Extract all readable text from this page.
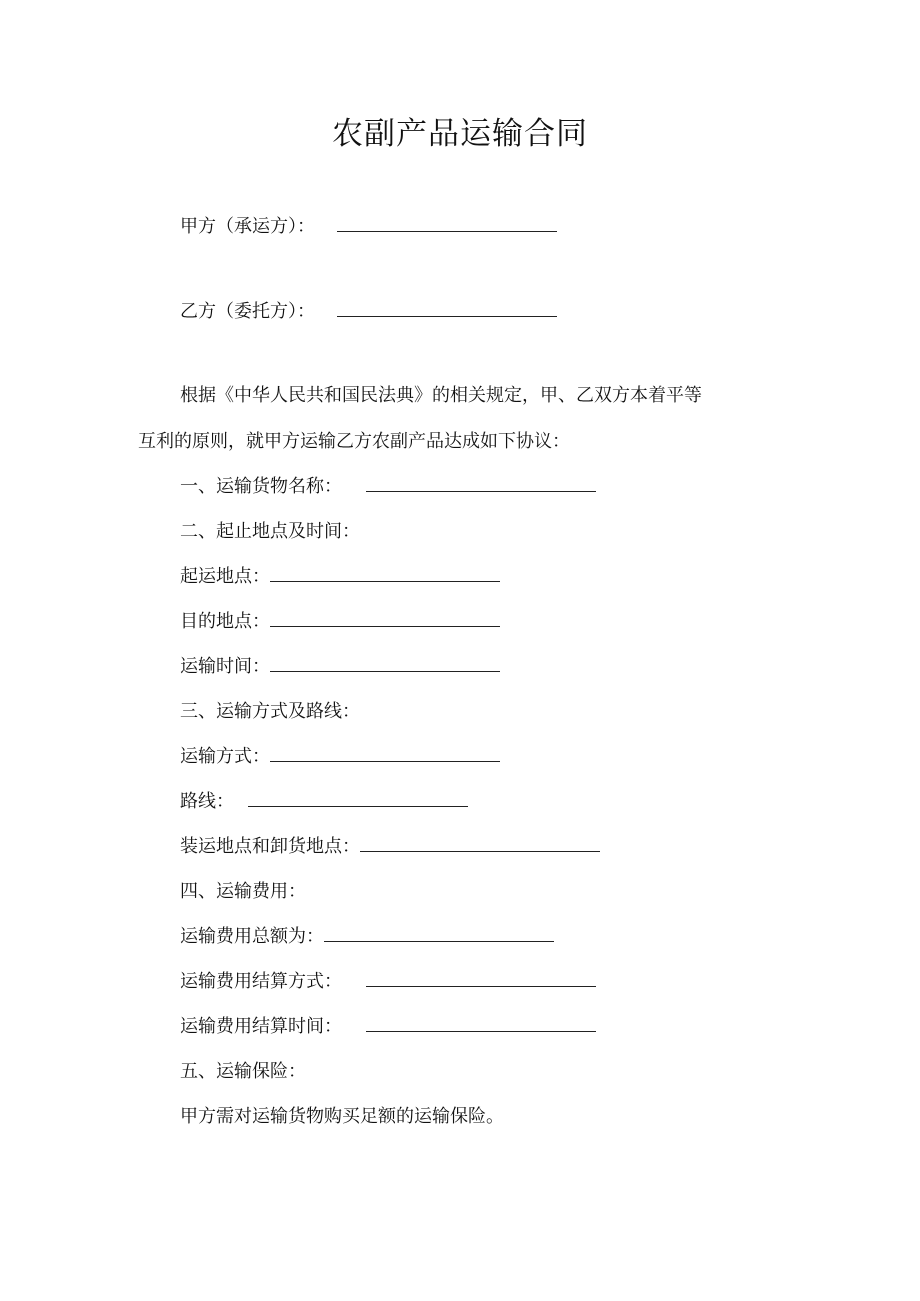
农副产品运输合同
甲方（承运方）：
乙方（委托方）：
根据《中华人民共和国民法典》的相关规定，甲、乙双方本着平等
互利的原则，就甲方运输乙方农副产品达成如下协议：
一、运输货物名称：
二、起止地点及时间：
起运地点：
目的地点：
运输时间：
三、运输方式及路线：
运输方式：
路线：
装运地点和卸货地点：
四、运输费用：
运输费用总额为：
运输费用结算方式：
运输费用结算时间：
五、运输保险：
甲方需对运输货物购买足额的运输保险。
